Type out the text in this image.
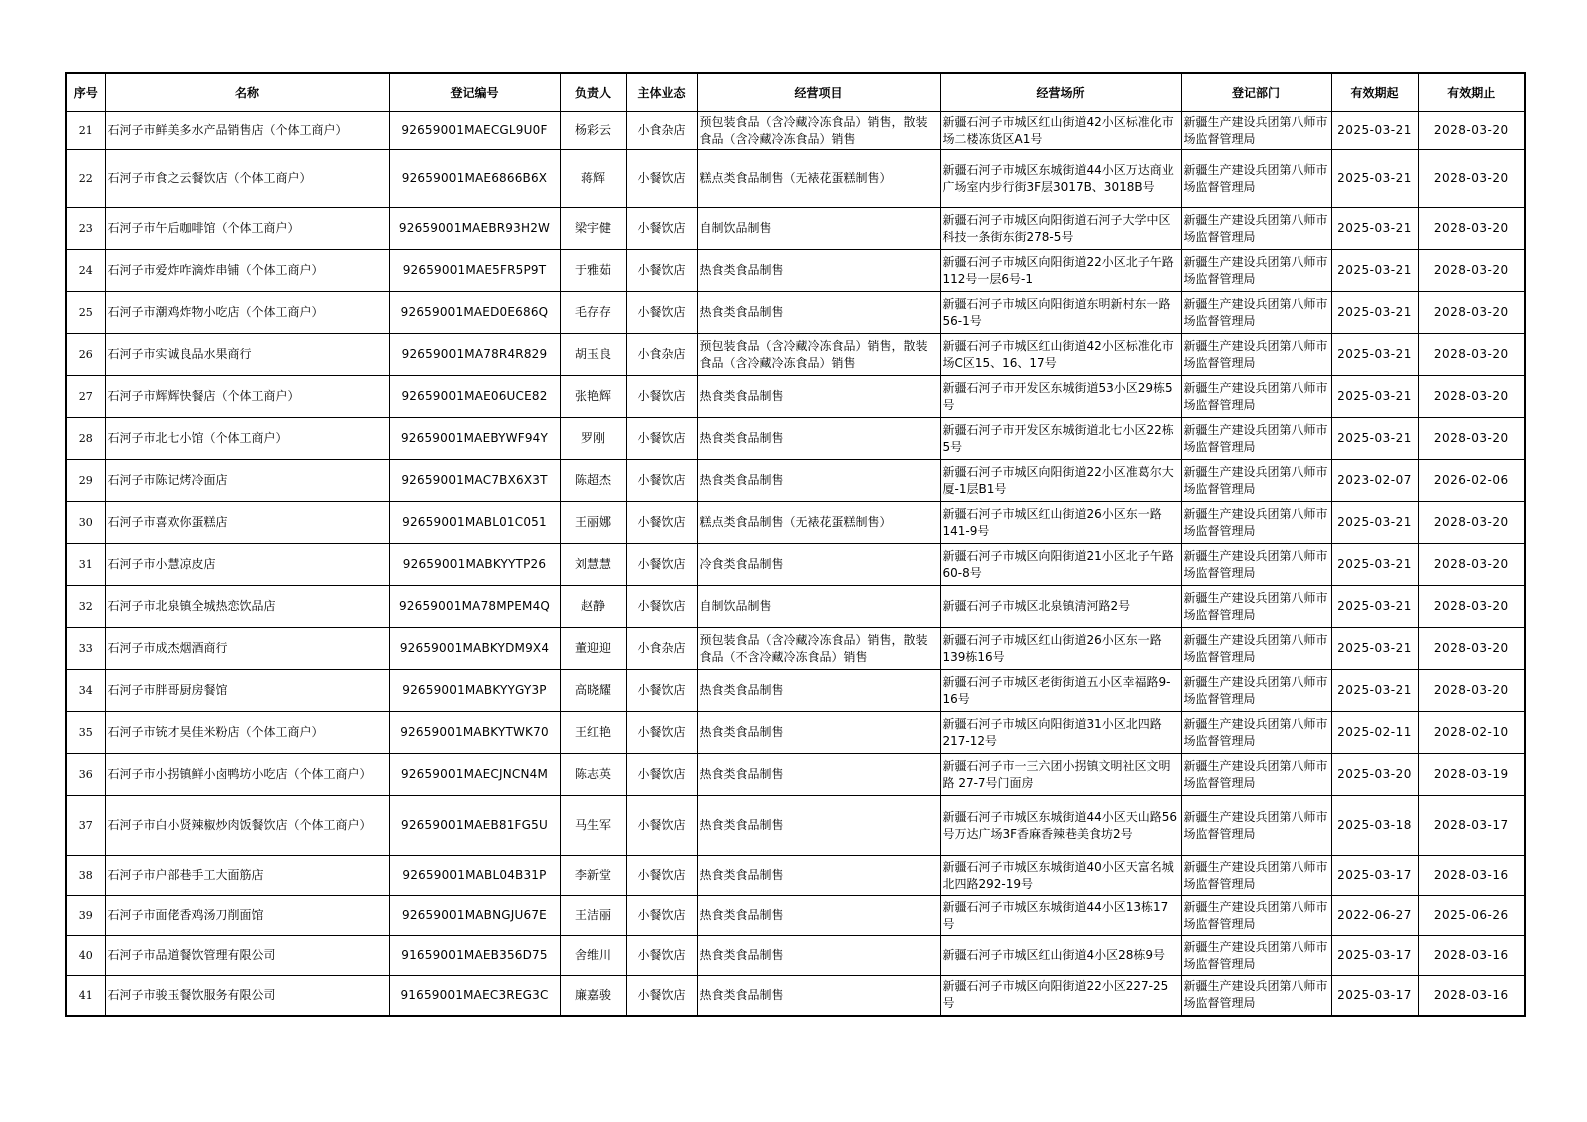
序号	名称	登记编号	负责人	主体业态	经营项目	经营场所	登记部门	有效期起	有效期止
21	石河子市鲜美多水产品销售店（个体工商户）	92659001MAECGL9U0F	杨彩云	小食杂店	预包装食品（含冷藏冷冻食品）销售，散装食品（含冷藏冷冻食品）销售	新疆石河子市城区红山街道42小区标准化市场二楼冻货区A1号	新疆生产建设兵团第八师市场监督管理局	2025-03-21	2028-03-20
22	石河子市食之云餐饮店（个体工商户）	92659001MAE6866B6X	蒋辉	小餐饮店	糕点类食品制售（无裱花蛋糕制售）	新疆石河子市城区东城街道44小区万达商业广场室内步行街3F层3017B、3018B号	新疆生产建设兵团第八师市场监督管理局	2025-03-21	2028-03-20
23	石河子市午后咖啡馆（个体工商户）	92659001MAEBR93H2W	梁宇健	小餐饮店	自制饮品制售	新疆石河子市城区向阳街道石河子大学中区科技一条街东街278-5号	新疆生产建设兵团第八师市场监督管理局	2025-03-21	2028-03-20
24	石河子市爱炸咋滴炸串铺（个体工商户）	92659001MAE5FR5P9T	于雅茹	小餐饮店	热食类食品制售	新疆石河子市城区向阳街道22小区北子午路112号一层6号-1	新疆生产建设兵团第八师市场监督管理局	2025-03-21	2028-03-20
25	石河子市潮鸡炸物小吃店（个体工商户）	92659001MAED0E686Q	毛存存	小餐饮店	热食类食品制售	新疆石河子市城区向阳街道东明新村东一路56-1号	新疆生产建设兵团第八师市场监督管理局	2025-03-21	2028-03-20
26	石河子市实诚良品水果商行	92659001MA78R4R829	胡玉良	小食杂店	预包装食品（含冷藏冷冻食品）销售，散装食品（含冷藏冷冻食品）销售	新疆石河子市城区红山街道42小区标准化市场C区15、16、17号	新疆生产建设兵团第八师市场监督管理局	2025-03-21	2028-03-20
27	石河子市辉辉快餐店（个体工商户）	92659001MAE06UCE82	张艳辉	小餐饮店	热食类食品制售	新疆石河子市开发区东城街道53小区29栋5号	新疆生产建设兵团第八师市场监督管理局	2025-03-21	2028-03-20
28	石河子市北七小馆（个体工商户）	92659001MAEBYWF94Y	罗刚	小餐饮店	热食类食品制售	新疆石河子市开发区东城街道北七小区22栋5号	新疆生产建设兵团第八师市场监督管理局	2025-03-21	2028-03-20
29	石河子市陈记烤冷面店	92659001MAC7BX6X3T	陈超杰	小餐饮店	热食类食品制售	新疆石河子市城区向阳街道22小区准葛尔大厦-1层B1号	新疆生产建设兵团第八师市场监督管理局	2023-02-07	2026-02-06
30	石河子市喜欢你蛋糕店	92659001MABL01C051	王丽娜	小餐饮店	糕点类食品制售（无裱花蛋糕制售）	新疆石河子市城区红山街道26小区东一路141-9号	新疆生产建设兵团第八师市场监督管理局	2025-03-21	2028-03-20
31	石河子市小慧凉皮店	92659001MABKYYTP26	刘慧慧	小餐饮店	冷食类食品制售	新疆石河子市城区向阳街道21小区北子午路60-8号	新疆生产建设兵团第八师市场监督管理局	2025-03-21	2028-03-20
32	石河子市北泉镇全城热恋饮品店	92659001MA78MPEM4Q	赵静	小餐饮店	自制饮品制售	新疆石河子市城区北泉镇清河路2号	新疆生产建设兵团第八师市场监督管理局	2025-03-21	2028-03-20
33	石河子市成杰烟酒商行	92659001MABKYDM9X4	董迎迎	小食杂店	预包装食品（含冷藏冷冻食品）销售，散装食品（不含冷藏冷冻食品）销售	新疆石河子市城区红山街道26小区东一路139栋16号	新疆生产建设兵团第八师市场监督管理局	2025-03-21	2028-03-20
34	石河子市胖哥厨房餐馆	92659001MABKYYGY3P	高晓耀	小餐饮店	热食类食品制售	新疆石河子市城区老街街道五小区幸福路9-16号	新疆生产建设兵团第八师市场监督管理局	2025-03-21	2028-03-20
35	石河子市铳才昊佳米粉店（个体工商户）	92659001MABKYTWK70	王红艳	小餐饮店	热食类食品制售	新疆石河子市城区向阳街道31小区北四路217-12号	新疆生产建设兵团第八师市场监督管理局	2025-02-11	2028-02-10
36	石河子市小拐镇鲜小卤鸭坊小吃店（个体工商户）	92659001MAECJNCN4M	陈志英	小餐饮店	热食类食品制售	新疆石河子市一三六团小拐镇文明社区文明路 27-7号门面房	新疆生产建设兵团第八师市场监督管理局	2025-03-20	2028-03-19
37	石河子市白小贤辣椒炒肉饭餐饮店（个体工商户）	92659001MAEB81FG5U	马生军	小餐饮店	热食类食品制售	新疆石河子市城区东城街道44小区天山路56号万达广场3F香麻香辣巷美食坊2号	新疆生产建设兵团第八师市场监督管理局	2025-03-18	2028-03-17
38	石河子市户部巷手工大面筋店	92659001MABL04B31P	李新堂	小餐饮店	热食类食品制售	新疆石河子市城区东城街道40小区天富名城北四路292-19号	新疆生产建设兵团第八师市场监督管理局	2025-03-17	2028-03-16
39	石河子市面佬香鸡汤刀削面馆	92659001MABNGJU67E	王洁丽	小餐饮店	热食类食品制售	新疆石河子市城区东城街道44小区13栋17号	新疆生产建设兵团第八师市场监督管理局	2022-06-27	2025-06-26
40	石河子市品道餐饮管理有限公司	91659001MAEB356D75	舍维川	小餐饮店	热食类食品制售	新疆石河子市城区红山街道4小区28栋9号	新疆生产建设兵团第八师市场监督管理局	2025-03-17	2028-03-16
41	石河子市骏玉餐饮服务有限公司	91659001MAEC3REG3C	廉嘉骏	小餐饮店	热食类食品制售	新疆石河子市城区向阳街道22小区227-25号	新疆生产建设兵团第八师市场监督管理局	2025-03-17	2028-03-16
